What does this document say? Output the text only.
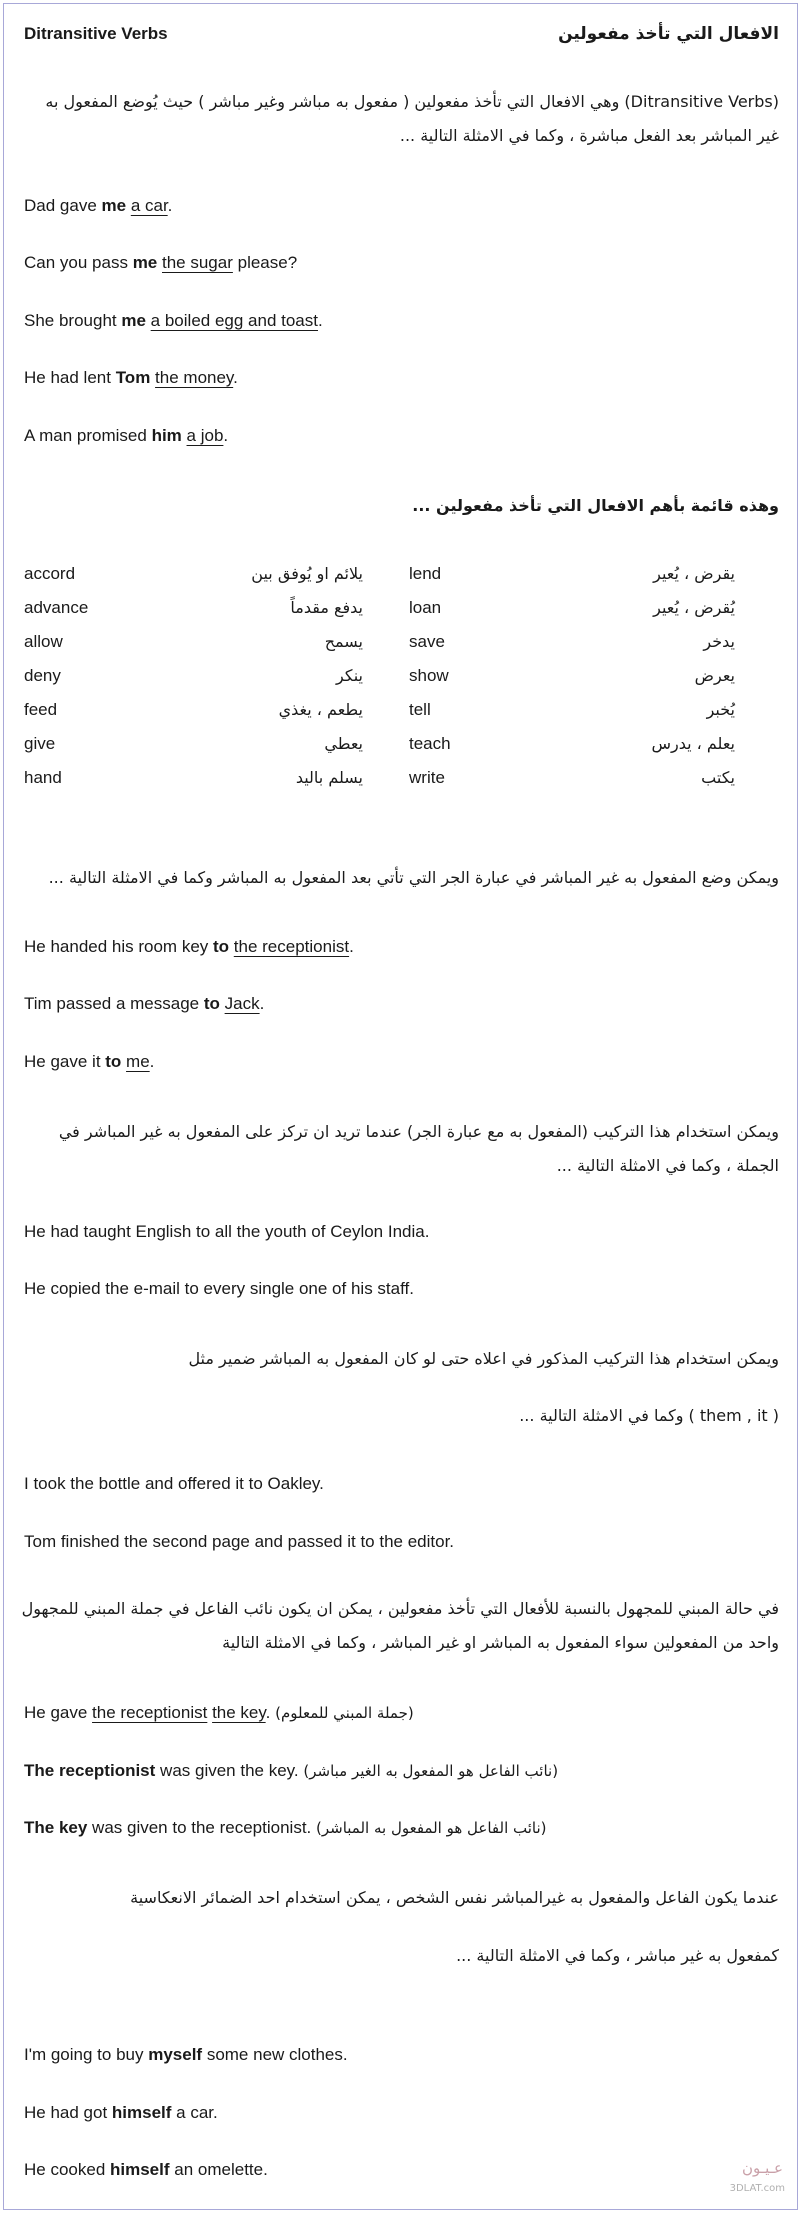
Ditransitive Verbs	الافعال التي تأخذ مفعولين
(Ditransitive Verbs) وهي الافعال التي تأخذ مفعولين ( مفعول به مباشر وغير مباشر ) حيث يُوضع المفعول به
غير المباشر بعد الفعل مباشرة ، وكما في الامثلة التالية ...
Dad gave me a car.
Can you pass me the sugar please?
She brought me a boiled egg and toast.
He had lent Tom the money.
A man promised him a job.
وهذه قائمة بأهم الافعال التي تأخذ مفعولين ...
accord	يلائم او يُوفق بين
advance	يدفع مقدماً
allow	يسمح
deny	ينكر
feed	يطعم ، يغذي
give	يعطي
hand	يسلم باليد
lend	يقرض ، يُعير
loan	يُقرض ، يُعير
save	يدخر
show	يعرض
tell	يُخبر
teach	يعلم ، يدرس
write	يكتب
ويمكن وضع المفعول به غير المباشر في عبارة الجر التي تأتي بعد المفعول به المباشر وكما في الامثلة التالية ...
He handed his room key to the receptionist.
Tim passed a message to Jack.
He gave it to me.
ويمكن استخدام هذا التركيب (المفعول به مع عبارة الجر) عندما تريد ان تركز على المفعول به غير المباشر في
الجملة ، وكما في الامثلة التالية ...
He had taught English to all the youth of Ceylon India.
He copied the e-mail to every single one of his staff.
ويمكن استخدام هذا التركيب المذكور في اعلاه حتى لو كان المفعول به المباشر ضمير مثل
( them , it ) وكما في الامثلة التالية ...
I took the bottle and offered it to Oakley.
Tom finished the second page and passed it to the editor.
في حالة المبني للمجهول بالنسبة للأفعال التي تأخذ مفعولين ، يمكن ان يكون نائب الفاعل في جملة المبني للمجهول
واحد من المفعولين سواء المفعول به المباشر او غير المباشر ، وكما في الامثلة التالية
He gave the receptionist the key. (جملة المبني للمعلوم)
The receptionist was given the key. (نائب الفاعل هو المفعول به الغير مباشر)
The key was given to the receptionist. (نائب الفاعل هو المفعول به المباشر)
عندما يكون الفاعل والمفعول به غيرالمباشر نفس الشخص ، يمكن استخدام احد الضمائر الانعكاسية
كمفعول به غير مباشر ، وكما في الامثلة التالية ...
I'm going to buy myself some new clothes.
He had got himself a car.
He cooked himself an omelette.	عـيـون
3DLAT.com
